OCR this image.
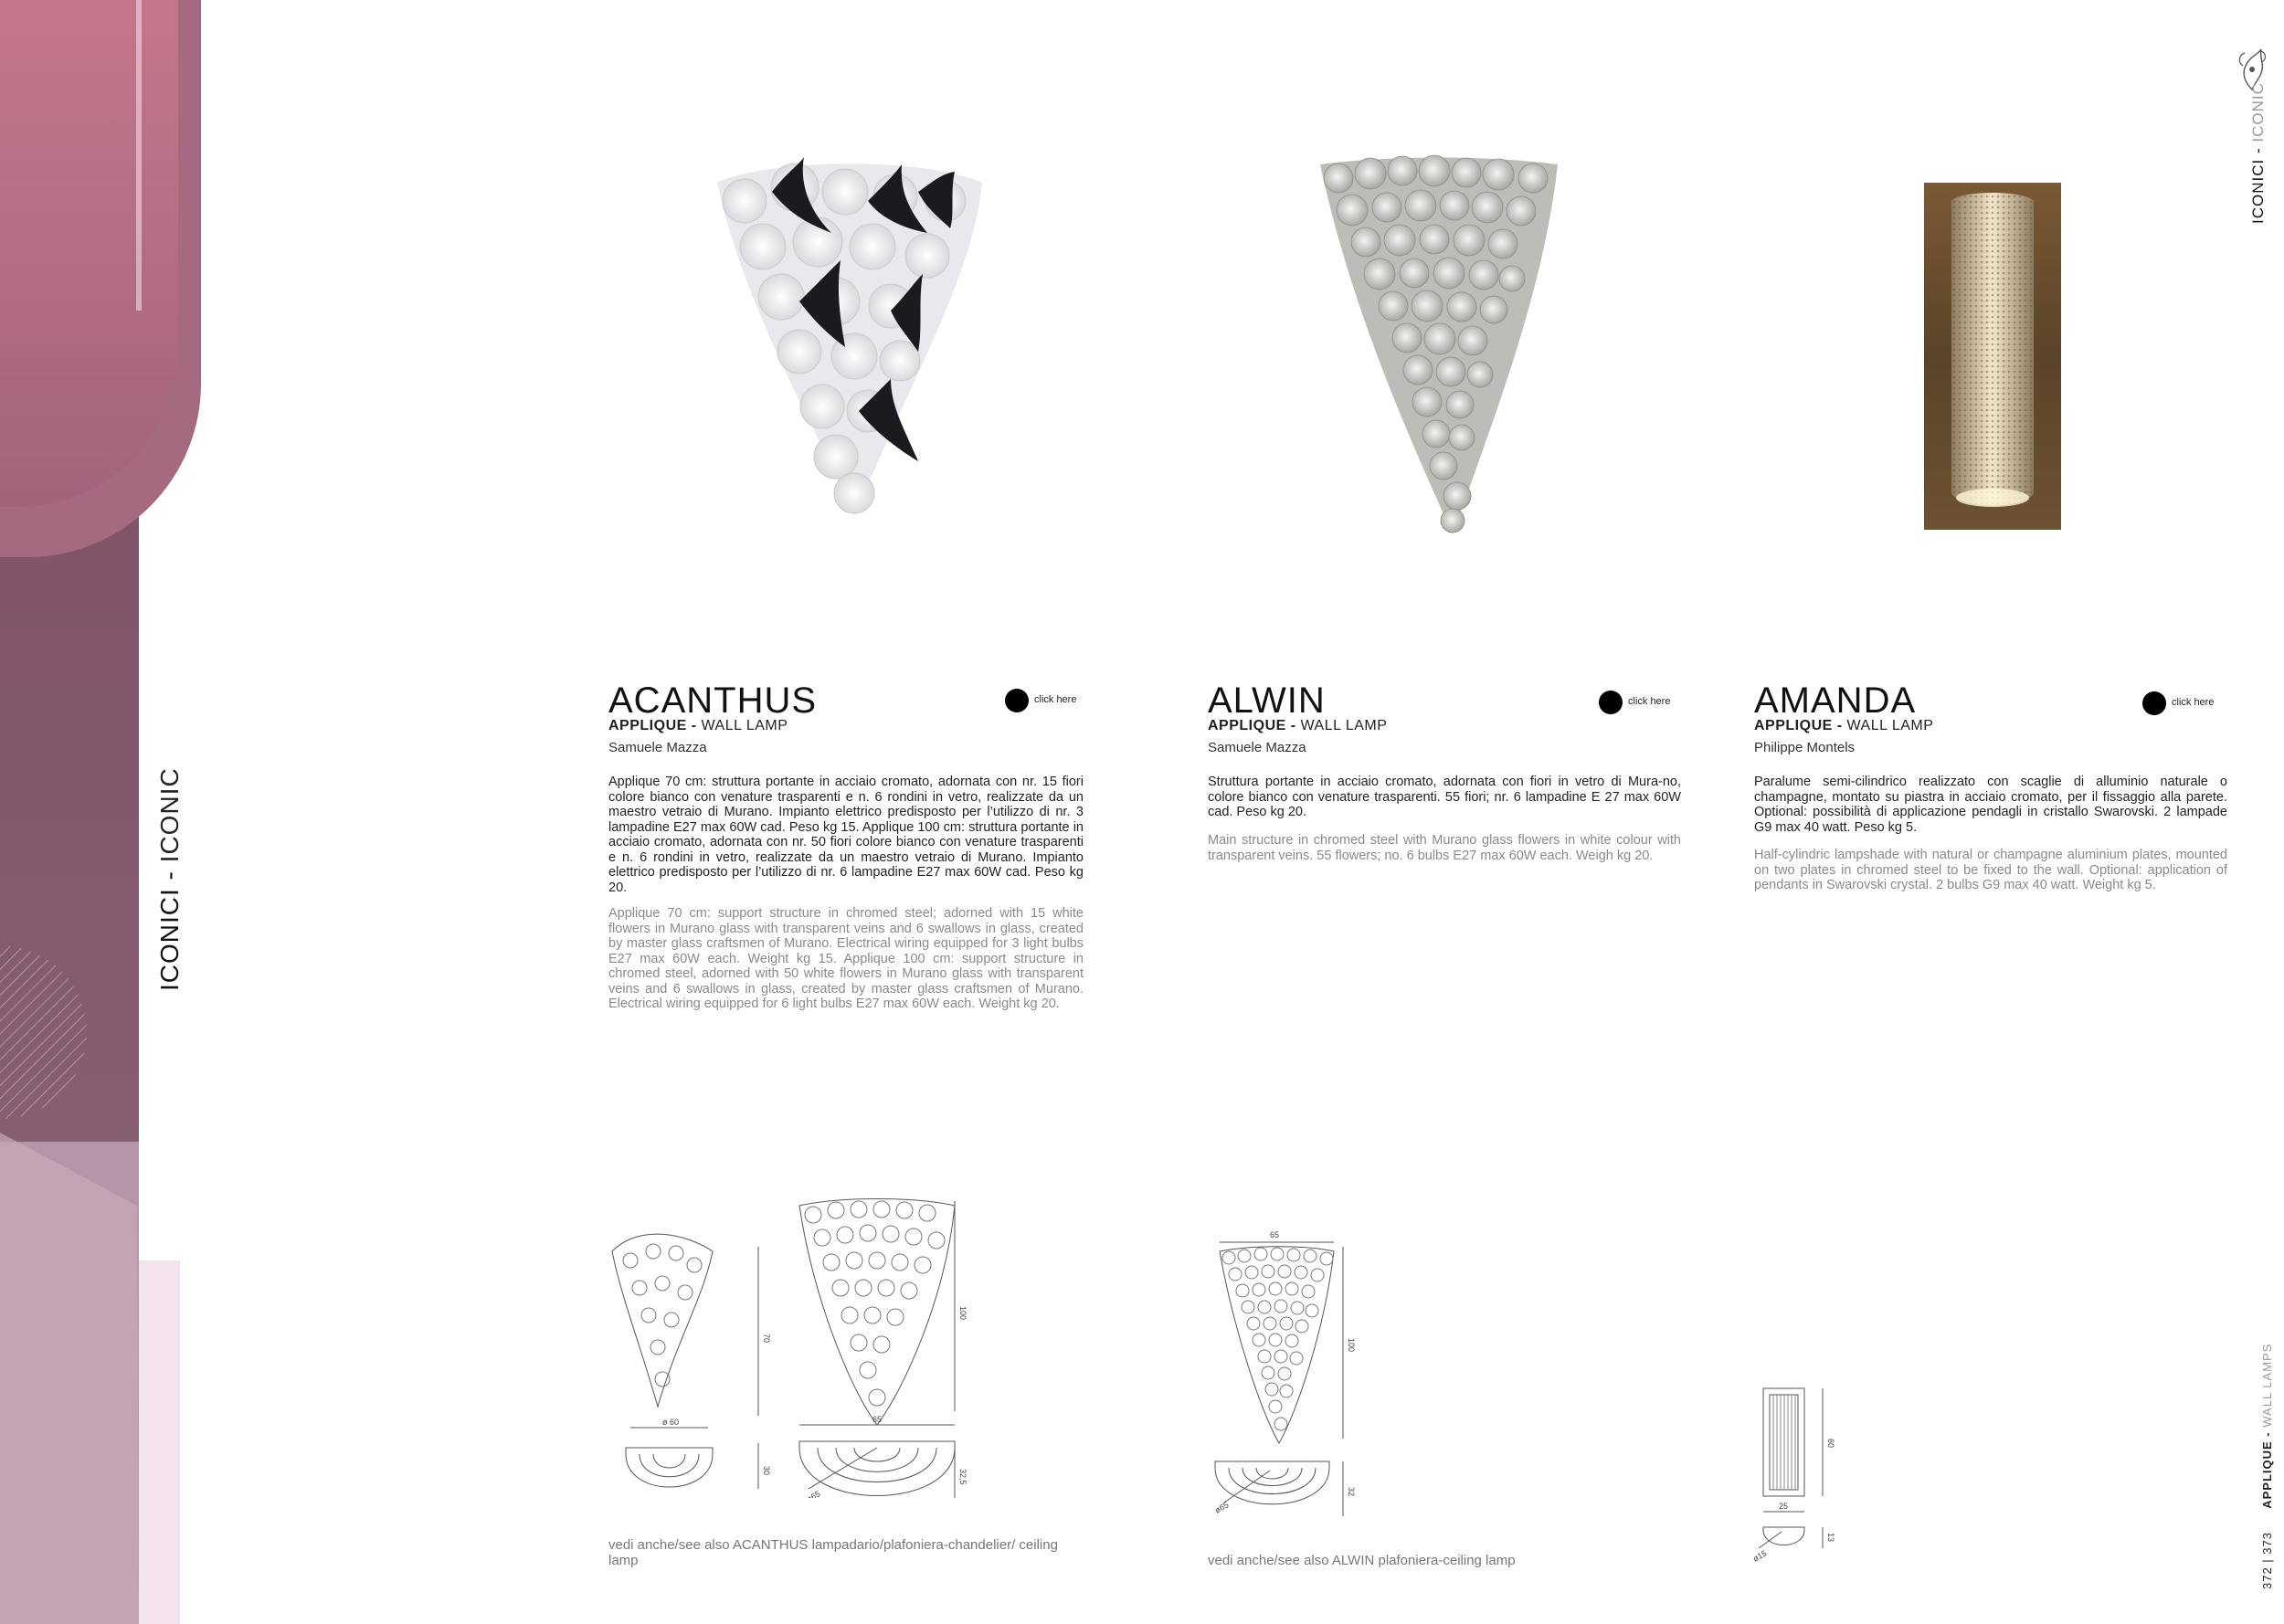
ICONICI - ICONIC
ICONICI - ICONIC
372 | 373  APPLIQUE - WALL LAMPS
ACANTHUS
APPLIQUE - WALL LAMP
Samuele Mazza
click here
Applique 70 cm: struttura portante in acciaio cromato, adornata con nr. 15 fiori colore bianco con venature trasparenti e n. 6 rondini in vetro, realizzate da un maestro vetraio di Murano. Impianto elettrico predisposto per l’utilizzo di nr. 3 lampadine E27 max 60W cad. Peso kg 15. Applique 100 cm: struttura portante in acciaio cromato, adornata con nr. 50 fiori colore bianco con venature trasparenti e n. 6 rondini in vetro, realizzate da un maestro vetraio di Murano. Impianto elettrico predisposto per l’utilizzo di nr. 6 lampadine E27 max 60W cad. Peso kg 20.
Applique 70 cm: support structure in chromed steel; adorned with 15 white flowers in Murano glass with transparent veins and 6 swallows in glass, created by master glass craftsmen of Murano. Electrical wiring equipped for 3 light bulbs E27 max 60W each. Weight kg 15. Applique 100 cm: support structure in chromed steel, adorned with 50 white flowers in Murano glass with transparent veins and 6 swallows in glass, created by master glass craftsmen of Murano. Electrical wiring equipped for 6 light bulbs E27 max 60W each. Weight kg 20.
vedi anche/see also ACANTHUS lampadario/plafoniera-chandelier/ ceiling lamp
70
ø 60
30
100
65
32,5
ø65
ALWIN
APPLIQUE - WALL LAMP
Samuele Mazza
click here
Struttura portante in acciaio cromato, adornata con fiori in vetro di Mura-no, colore bianco con venature trasparenti. 55 fiori; nr. 6 lampadine E 27 max 60W cad. Peso kg 20.
Main structure in chromed steel with Murano glass flowers in white colour with transparent veins. 55 flowers; no. 6 bulbs E27 max 60W each. Weigh kg 20.
vedi anche/see also ALWIN plafoniera-ceiling lamp
65
100
32
ø65
AMANDA
APPLIQUE - WALL LAMP
Philippe Montels
click here
Paralume semi-cilindrico realizzato con scaglie di alluminio naturale o champagne, montato su piastra in acciaio cromato, per il fissaggio alla parete. Optional: possibilità di applicazione pendagli in cristallo Swarovski. 2 lampade G9 max 40 watt. Peso kg 5.
Half-cylindric lampshade with natural or champagne aluminium plates, mounted on two plates in chromed steel to be fixed to the wall. Optional: application of pendants in Swarovski crystal. 2 bulbs G9 max 40 watt. Weight kg 5.
60
25
13
ø15
